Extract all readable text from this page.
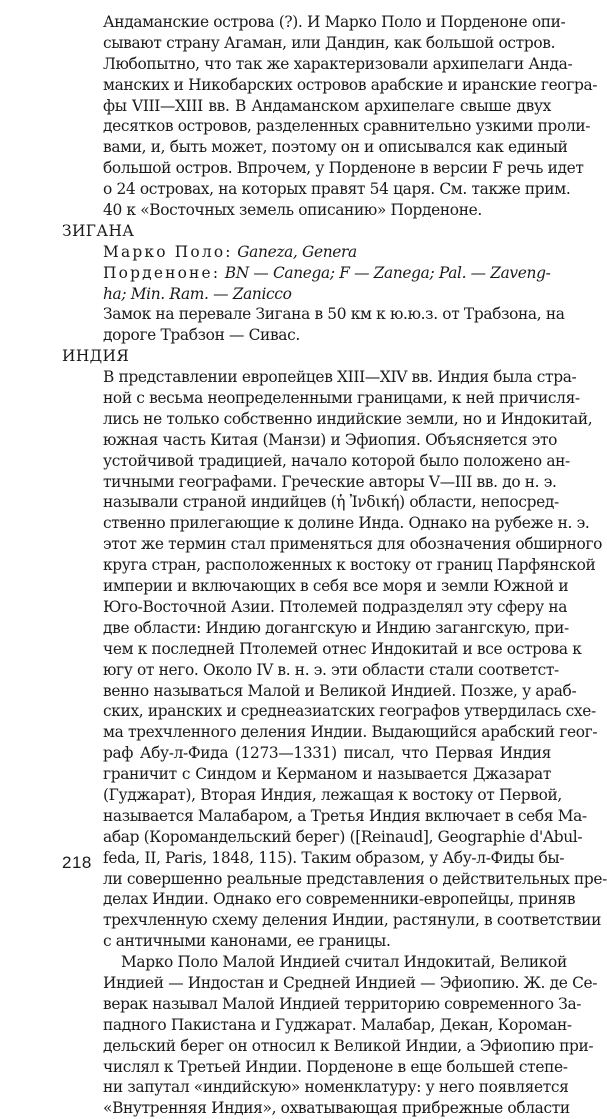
Андаманские острова (?). И Марко Поло и Порденоне опи-
сывают страну Агаман, или Дандин, как большой остров.
Любопытно, что так же характеризовали архипелаги Анда-
манских и Никобарских островов арабские и иранские геогра-
фы VIII—XIII вв. В Андаманском архипелаге свыше двух
десятков островов, разделенных сравнительно узкими проли-
вами, и, быть может, поэтому он и описывался как единый
большой остров. Впрочем, у Порденоне в версии F речь идет
о 24 островах, на которых правят 54 царя. См. также прим.
40 к «Восточных земель описанию» Порденоне.
ЗИГАНА
Марко Поло: Ganeza, Genera
Порденоне: BN — Canega; F — Zanega; Pal. — Zaveng-
ha; Min. Ram. — Zanicco
Замок на перевале Зигана в 50 км к ю.ю.з. от Трабзона, на
дороге Трабзон — Сивас.
ИНДИЯ
В представлении европейцев XIII—XIV вв. Индия была стра-
ной с весьма неопределенными границами, к ней причисля-
лись не только собственно индийские земли, но и Индокитай,
южная часть Китая (Манзи) и Эфиопия. Объясняется это
устойчивой традицией, начало которой было положено ан-
тичными географами. Греческие авторы V—III вв. до н. э.
называли страной индийцев (ἡ Ἰνδική) области, непосред-
ственно прилегающие к долине Инда. Однако на рубеже н. э.
этот же термин стал применяться для обозначения обширного
круга стран, расположенных к востоку от границ Парфянской
империи и включающих в себя все моря и земли Южной и
Юго-Восточной Азии. Птолемей подразделял эту сферу на
две области: Индию догангскую и Индию загангскую, при-
чем к последней Птолемей отнес Индокитай и все острова к
югу от него. Около IV в. н. э. эти области стали соответст-
венно называться Малой и Великой Индией. Позже, у араб-
ских, иранских и среднеазиатских географов утвердилась схе-
ма трехчленного деления Индии. Выдающийся арабский геог-
раф Абу-л-Фида (1273—1331) писал, что Первая Индия
граничит с Синдом и Керманом и называется Джазарат
(Гуджарат), Вторая Индия, лежащая к востоку от Первой,
называется Малабаром, а Третья Индия включает в себя Ма-
абар (Коромандельский берег) ([Reinaud], Geographie d'Abul-
feda, II, Paris, 1848, 115). Таким образом, у Абу-л-Фиды бы-
ли совершенно реальные представления о действительных пре-
делах Индии. Однако его современники-европейцы, приняв
трехчленную схему деления Индии, растянули, в соответствии
с античными канонами, ее границы.
Марко Поло Малой Индией считал Индокитай, Великой
Индией — Индостан и Средней Индией — Эфиопию. Ж. де Се-
верак называл Малой Индией территорию современного За-
падного Пакистана и Гуджарат. Малабар, Декан, Короман-
дельский берег он относил к Великой Индии, а Эфиопию при-
числял к Третьей Индии. Порденоне в еще большей степе-
ни запутал «индийскую» номенклатуру: у него появляется
«Внутренняя Индия», охватывающая прибрежные области
218
